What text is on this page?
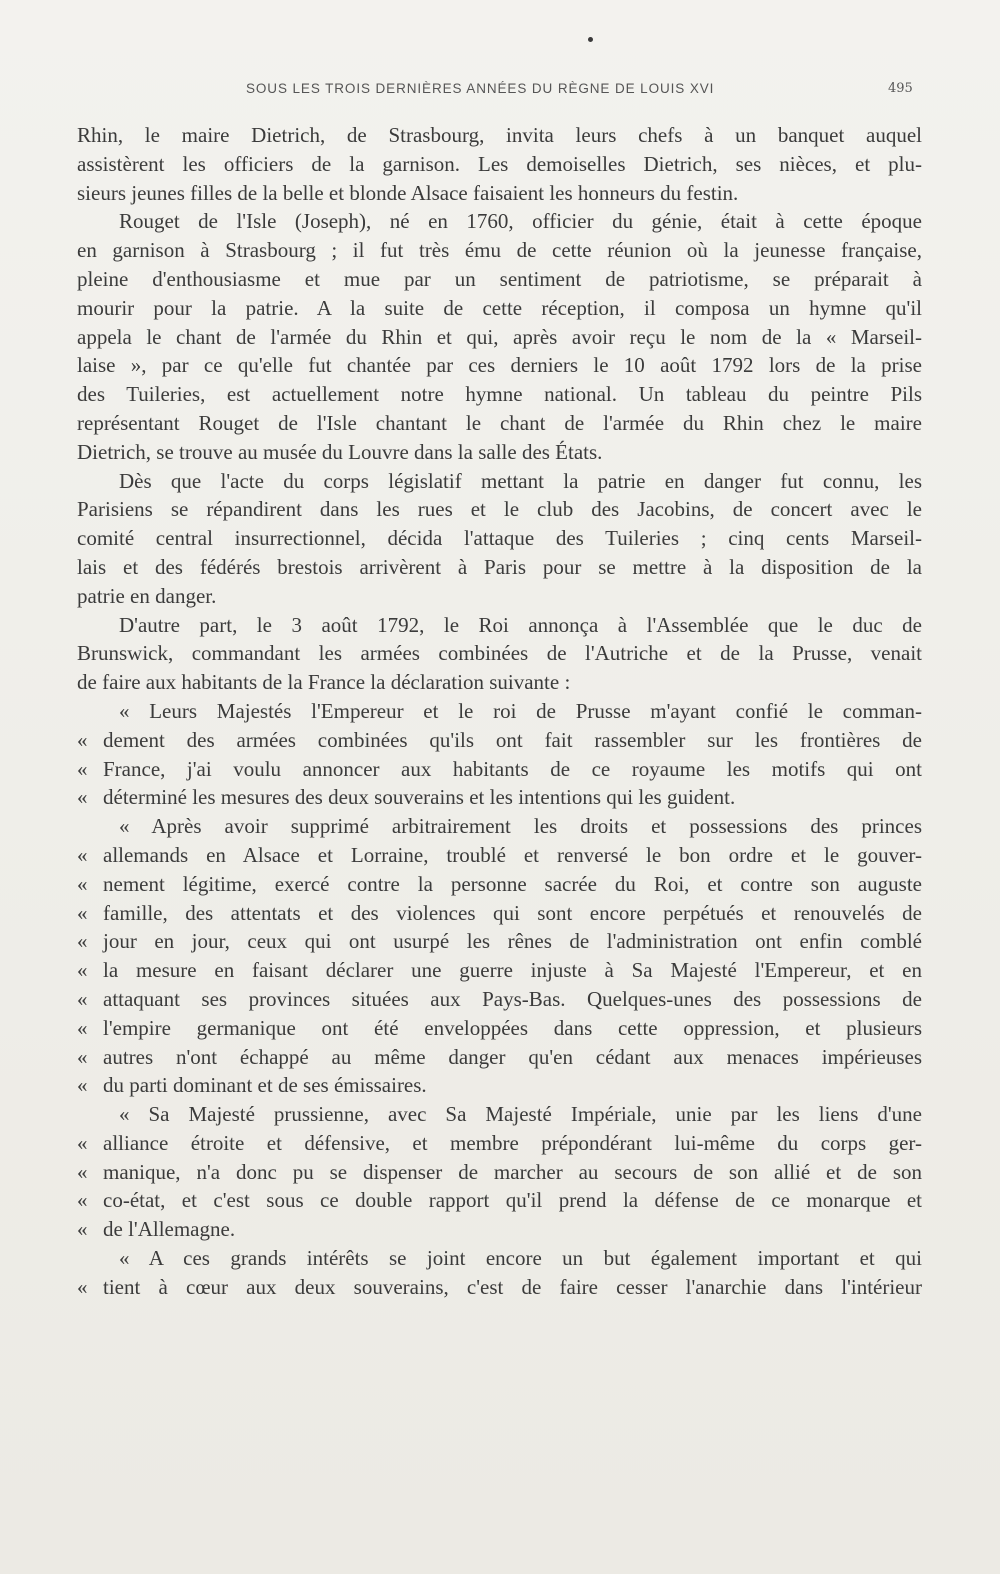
SOUS LES TROIS DERNIÈRES ANNÉES DU RÈGNE DE LOUIS XVI	495
Rhin, le maire Dietrich, de Strasbourg, invita leurs chefs à un banquet auquel
assistèrent les officiers de la garnison. Les demoiselles Dietrich, ses nièces, et plu-
sieurs jeunes filles de la belle et blonde Alsace faisaient les honneurs du festin.
Rouget de l'Isle (Joseph), né en 1760, officier du génie, était à cette époque
en garnison à Strasbourg ; il fut très ému de cette réunion où la jeunesse française,
pleine d'enthousiasme et mue par un sentiment de patriotisme, se préparait à
mourir pour la patrie. A la suite de cette réception, il composa un hymne qu'il
appela le chant de l'armée du Rhin et qui, après avoir reçu le nom de la « Marseil-
laise », par ce qu'elle fut chantée par ces derniers le 10 août 1792 lors de la prise
des Tuileries, est actuellement notre hymne national. Un tableau du peintre Pils
représentant Rouget de l'Isle chantant le chant de l'armée du Rhin chez le maire
Dietrich, se trouve au musée du Louvre dans la salle des États.
Dès que l'acte du corps législatif mettant la patrie en danger fut connu, les
Parisiens se répandirent dans les rues et le club des Jacobins, de concert avec le
comité central insurrectionnel, décida l'attaque des Tuileries ; cinq cents Marseil-
lais et des fédérés brestois arrivèrent à Paris pour se mettre à la disposition de la
patrie en danger.
D'autre part, le 3 août 1792, le Roi annonça à l'Assemblée que le duc de
Brunswick, commandant les armées combinées de l'Autriche et de la Prusse, venait
de faire aux habitants de la France la déclaration suivante :
« Leurs Majestés l'Empereur et le roi de Prusse m'ayant confié le comman-
« dement des armées combinées qu'ils ont fait rassembler sur les frontières de
« France, j'ai voulu annoncer aux habitants de ce royaume les motifs qui ont
« déterminé les mesures des deux souverains et les intentions qui les guident.
« Après avoir supprimé arbitrairement les droits et possessions des princes
« allemands en Alsace et Lorraine, troublé et renversé le bon ordre et le gouver-
« nement légitime, exercé contre la personne sacrée du Roi, et contre son auguste
« famille, des attentats et des violences qui sont encore perpétués et renouvelés de
« jour en jour, ceux qui ont usurpé les rênes de l'administration ont enfin comblé
« la mesure en faisant déclarer une guerre injuste à Sa Majesté l'Empereur, et en
« attaquant ses provinces situées aux Pays-Bas. Quelques-unes des possessions de
« l'empire germanique ont été enveloppées dans cette oppression, et plusieurs
« autres n'ont échappé au même danger qu'en cédant aux menaces impérieuses
« du parti dominant et de ses émissaires.
« Sa Majesté prussienne, avec Sa Majesté Impériale, unie par les liens d'une
« alliance étroite et défensive, et membre prépondérant lui-même du corps ger-
« manique, n'a donc pu se dispenser de marcher au secours de son allié et de son
« co-état, et c'est sous ce double rapport qu'il prend la défense de ce monarque et
« de l'Allemagne.
« A ces grands intérêts se joint encore un but également important et qui
« tient à cœur aux deux souverains, c'est de faire cesser l'anarchie dans l'intérieur
